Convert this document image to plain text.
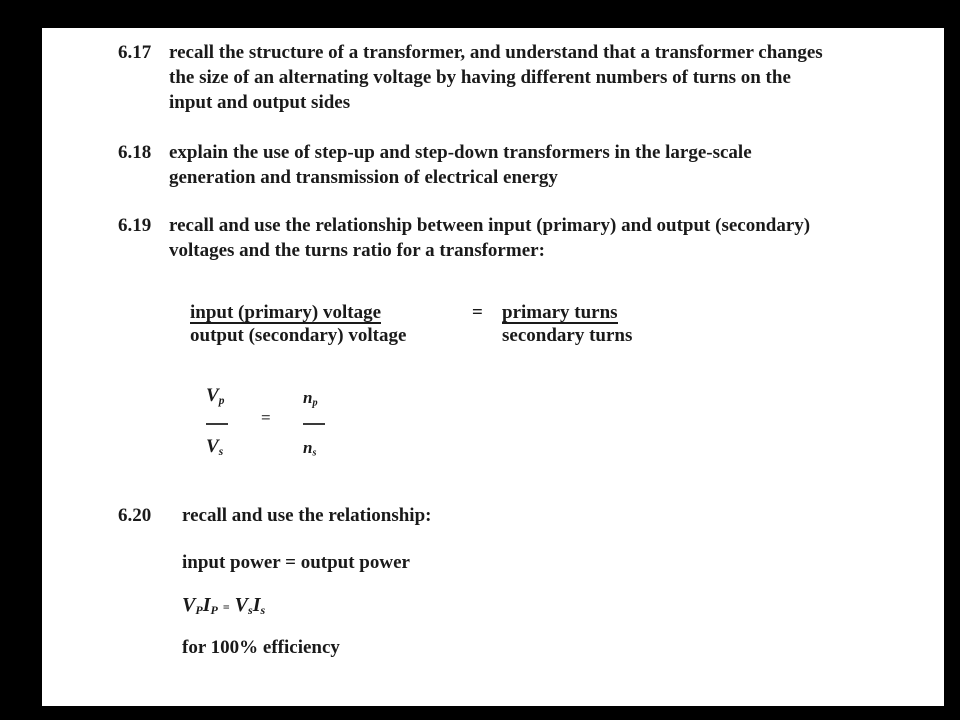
6.17 recall the structure of a transformer, and understand that a transformer changes
the size of an alternating voltage by having different numbers of turns on the
input and output sides
6.18 explain the use of step-up and step-down transformers in the large-scale
generation and transmission of electrical energy
6.19 recall and use the relationship between input (primary) and output (secondary)
voltages and the turns ratio for a transformer:
input (primary) voltage
output (secondary) voltage
= primary turns
secondary turns
$V_p$
$V_s$
=
$n_p$
$n_s$
6.20 recall and use the relationship:
input power = output power
$V_PI_P = V_sI_s$
for 100% efficiency
